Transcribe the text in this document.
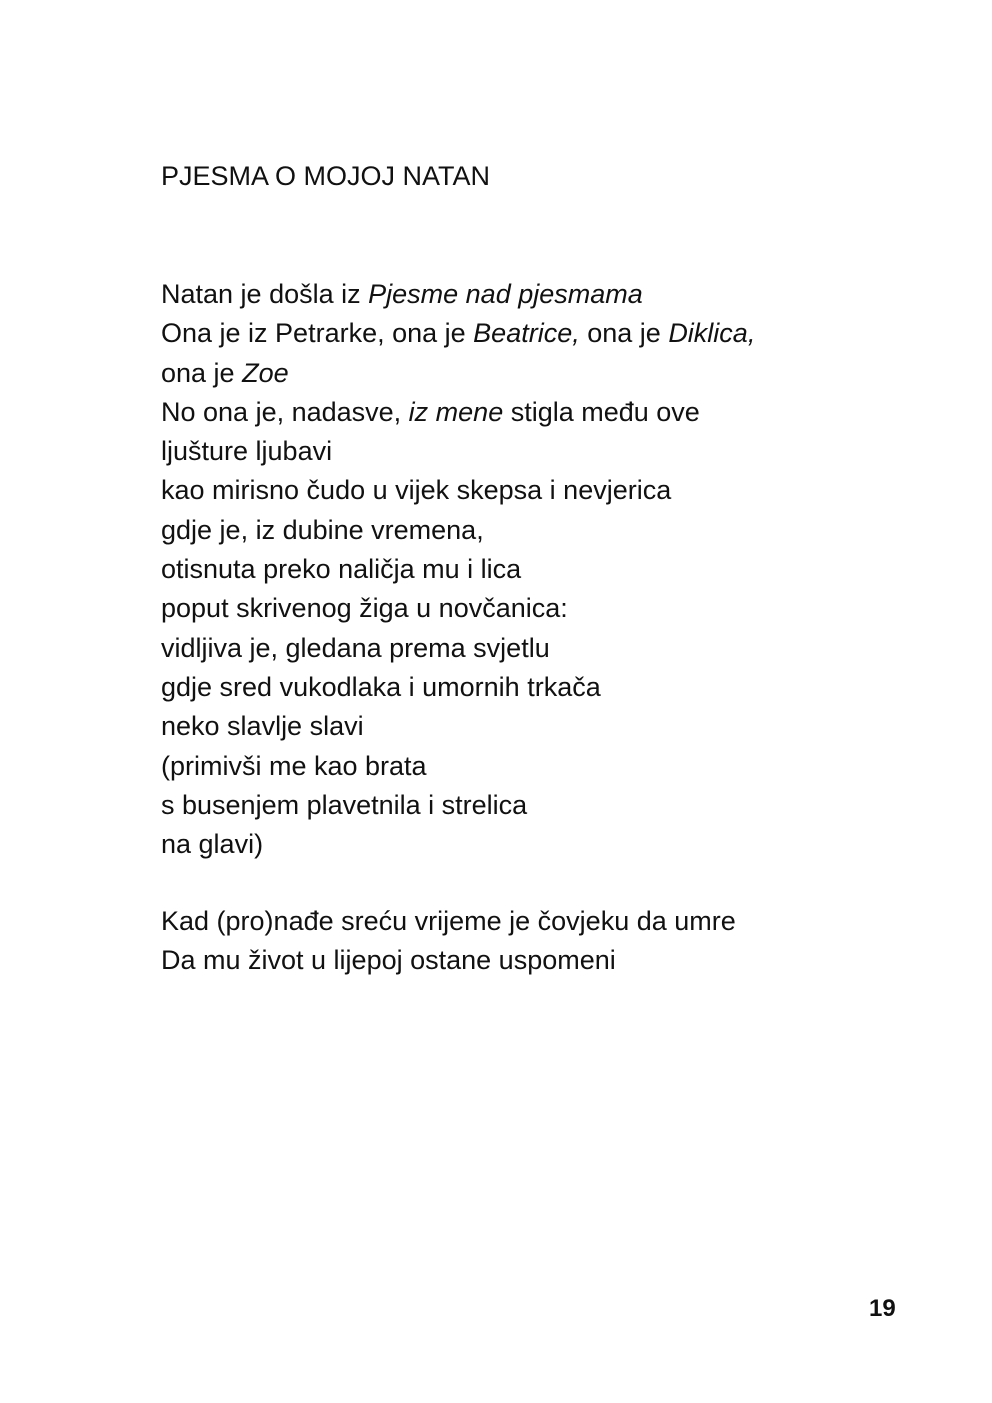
PJESMA O MOJOJ NATAN
Natan je došla iz Pjesme nad pjesmama
Ona je iz Petrarke, ona je Beatrice, ona je Diklica,
ona je Zoe
No ona je, nadasve, iz mene stigla među ove
ljušture ljubavi
kao mirisno čudo u vijek skepsa i nevjerica
gdje je, iz dubine vremena,
otisnuta preko naličja mu i lica
poput skrivenog žiga u novčanica:
vidljiva je, gledana prema svjetlu
gdje sred vukodlaka i umornih trkača
neko slavlje slavi
(primivši me kao brata
s busenjem plavetnila i strelica
na glavi)
Kad (pro)nađe sreću vrijeme je čovjeku da umre
Da mu život u lijepoj ostane uspomeni
19
